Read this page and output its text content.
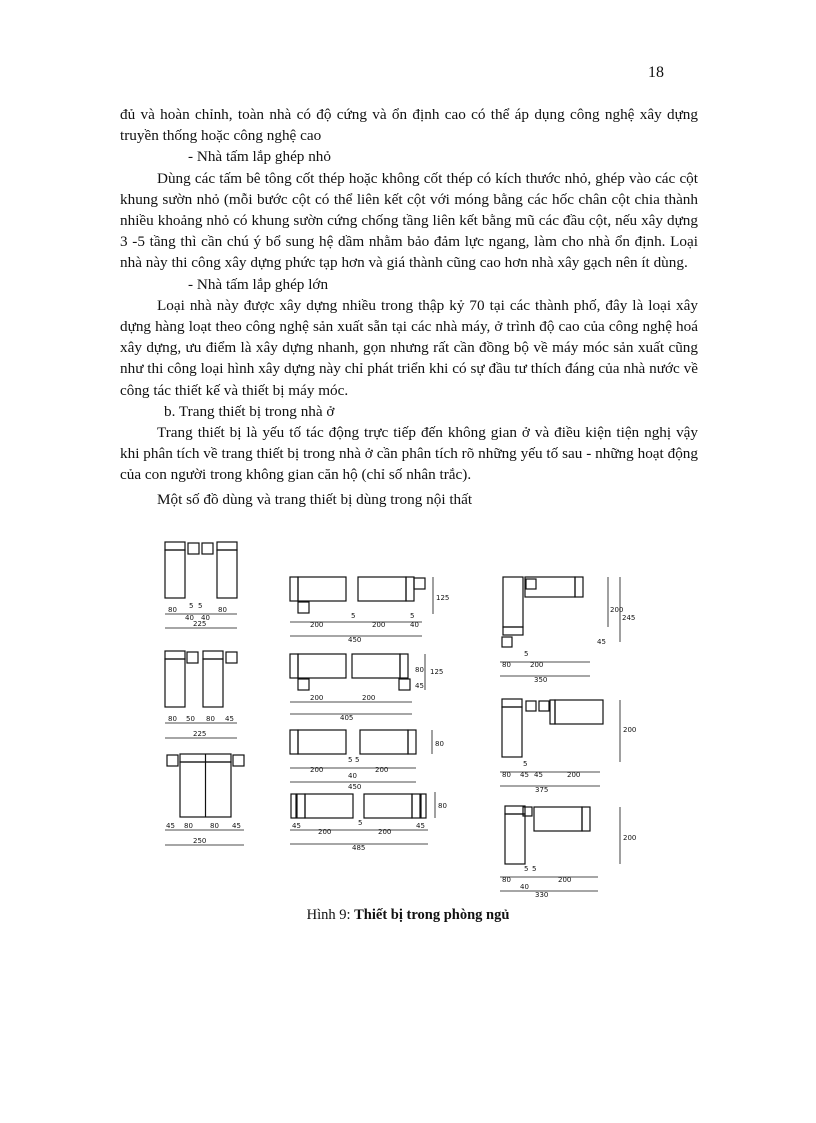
18

đủ và hoàn chỉnh, toàn nhà có độ cứng và ổn định cao có thể áp dụng công nghệ xây dựng truyền thống hoặc công nghệ cao

- Nhà tấm lắp ghép nhỏ

Dùng các tấm bê tông cốt thép hoặc không cốt thép có kích thước nhỏ, ghép vào các cột khung sườn nhỏ (mỗi bước cột có thể liên kết cột với móng bằng các hốc chân cột chia thành nhiều khoảng nhỏ có khung sườn cứng chống tầng liên kết bằng mũ các đầu cột, nếu xây dựng 3 -5 tầng thì cần chú ý bổ sung hệ dầm nhằm bảo đảm lực ngang, làm cho nhà ổn định. Loại nhà này thi công xây dựng phức tạp hơn và giá thành cũng cao hơn nhà xây gạch nên ít dùng.

- Nhà tấm lắp ghép lớn

Loại nhà này được xây dựng nhiều trong thập kỷ 70 tại các thành phố, đây là loại xây dựng hàng loạt theo công nghệ sản xuất sẵn tại các nhà máy, ở trình độ cao của công nghệ hoá xây dựng, ưu điểm là xây dựng nhanh, gọn nhưng rất cần đồng bộ về máy móc sản xuất cũng như thi công loại hình xây dựng này chỉ phát triển khi có sự đầu tư thích đáng của nhà nước về công tác thiết kế và thiết bị máy móc.

b. Trang thiết bị trong nhà ở

Trang thiết bị là yếu tố tác động trực tiếp đến không gian ở và điều kiện tiện nghị vậy khi phân tích về trang thiết bị trong nhà ở cần phân tích rõ những yếu tố sau - những hoạt động của con người trong không gian căn hộ (chỉ số nhân trắc).

Một số đồ dùng và trang thiết bị dùng trong nội thất

80 5
40
5
40
80
225
80 50 80 45
225
45 80 80 45
250
200
5
200
5
40
450
125
200	200
405
45
80 125
200
5 5
200
40
450
80
45
200
5
200
45
485
80
5
80	200
350
45
200
245
5
80 45 45	200
375
200
5 5
80
40
200
330
200
Hình 9: Thiết bị trong phòng ngủ
